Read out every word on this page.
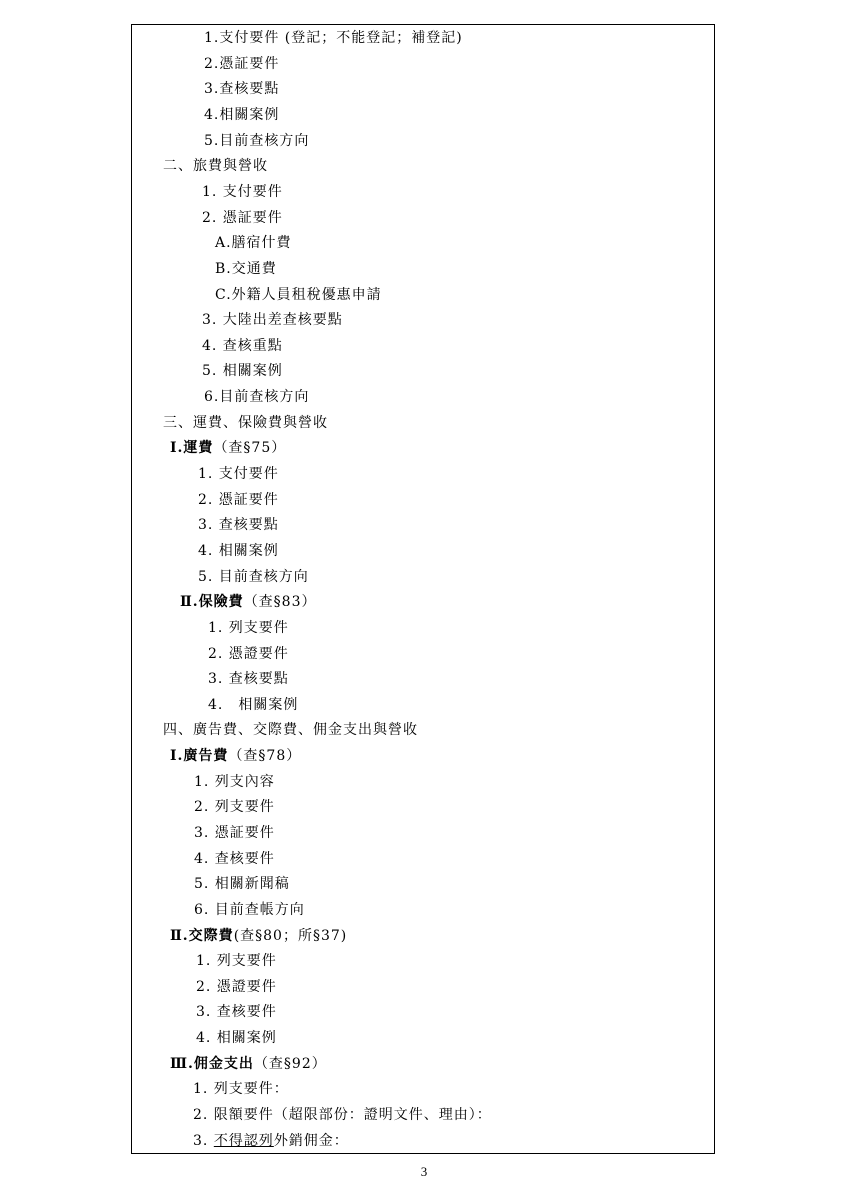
1.支付要件 (登記；不能登記；補登記)
2.憑証要件
3.查核要點
4.相關案例
5.目前查核方向
二、旅費與營收
1. 支付要件
2. 憑証要件
A.膳宿什費
B.交通費
C.外籍人員租稅優惠申請
3. 大陸出差查核要點
4. 查核重點
5. 相關案例
6.目前查核方向
三、運費、保險費與營收
Ⅰ.運費（查§75）
1. 支付要件
2. 憑証要件
3. 查核要點
4. 相關案例
5. 目前查核方向
Ⅱ.保險費（查§83）
1. 列支要件
2. 憑證要件
3. 查核要點
4.　相關案例
四、廣告費、交際費、佣金支出與營收
Ⅰ.廣告費（查§78）
1. 列支內容
2. 列支要件
3. 憑証要件
4. 查核要件
5. 相關新聞稿
6. 目前查帳方向
Ⅱ.交際費(查§80；所§37)
1. 列支要件
2. 憑證要件
3. 查核要件
4. 相關案例
Ⅲ.佣金支出（查§92）
1. 列支要件：
2. 限額要件（超限部份：證明文件、理由）：
3. 不得認列外銷佣金：
3
